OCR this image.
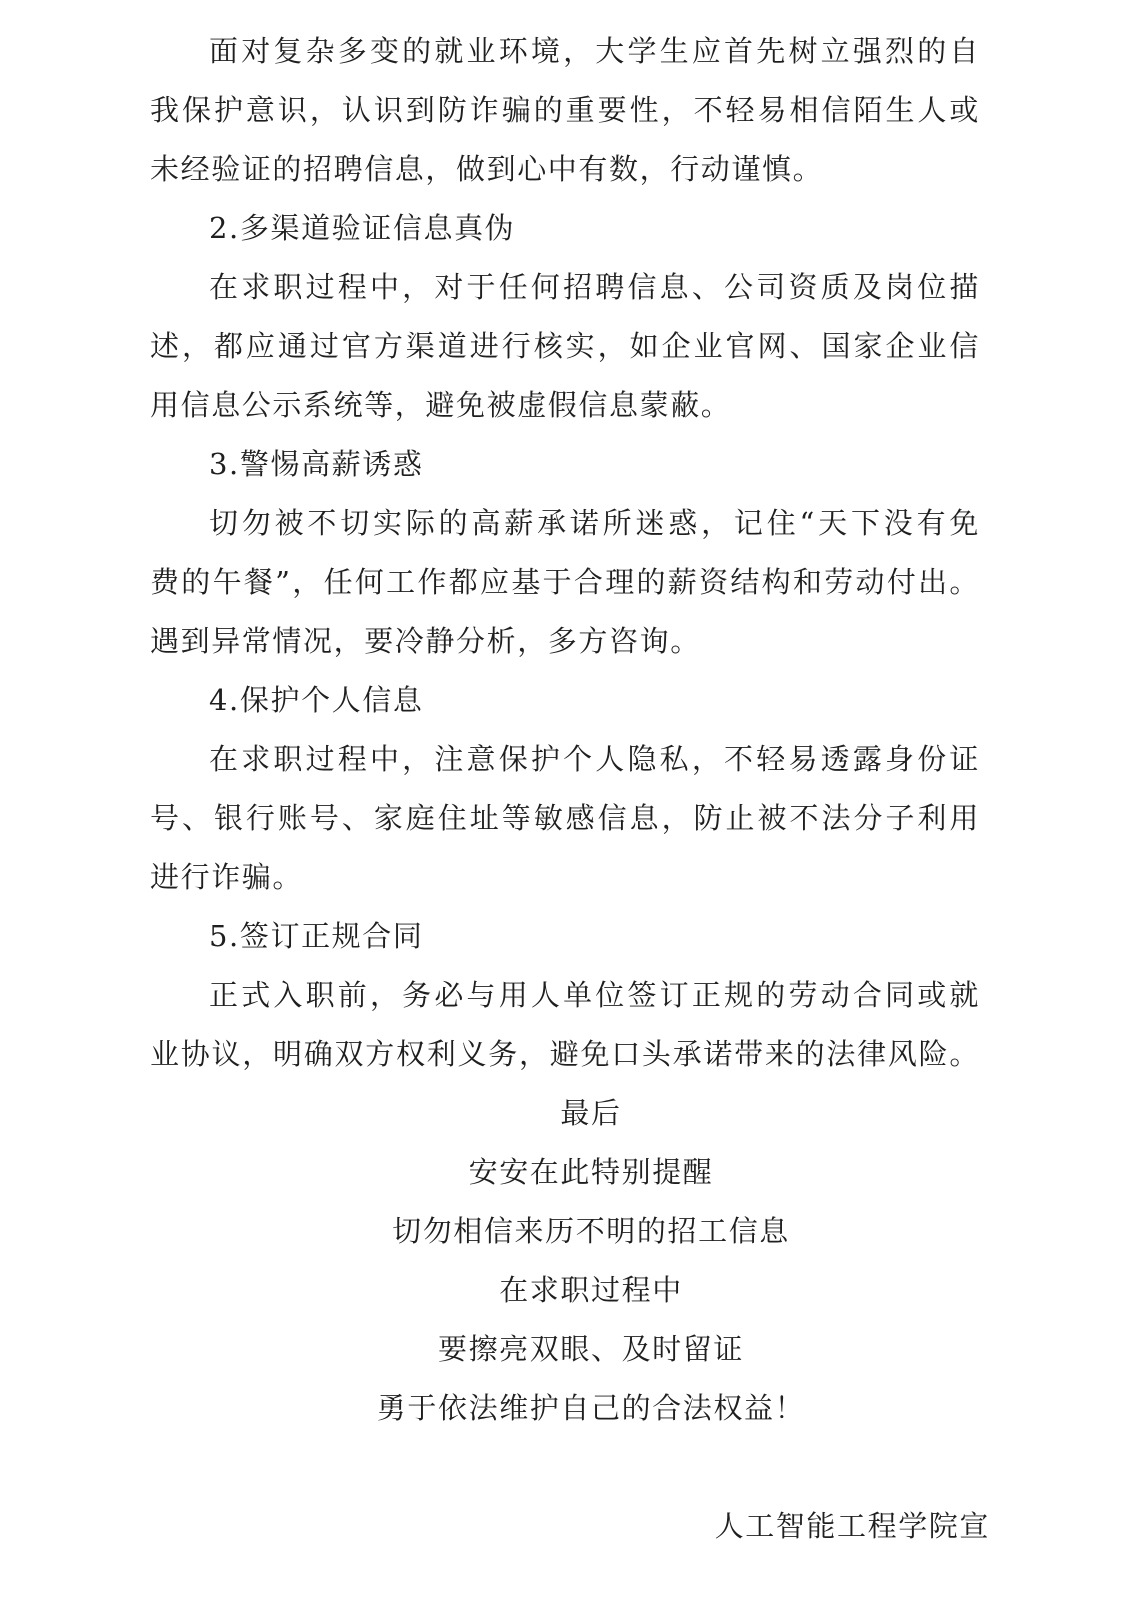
面对复杂多变的就业环境，大学生应首先树立强烈的自
我保护意识，认识到防诈骗的重要性，不轻易相信陌生人或
未经验证的招聘信息，做到心中有数，行动谨慎。
2.多渠道验证信息真伪
在求职过程中，对于任何招聘信息、公司资质及岗位描
述，都应通过官方渠道进行核实，如企业官网、国家企业信
用信息公示系统等，避免被虚假信息蒙蔽。
3.警惕高薪诱惑
切勿被不切实际的高薪承诺所迷惑，记住“天下没有免
费的午餐”，任何工作都应基于合理的薪资结构和劳动付出。
遇到异常情况，要冷静分析，多方咨询。
4.保护个人信息
在求职过程中，注意保护个人隐私，不轻易透露身份证
号、银行账号、家庭住址等敏感信息，防止被不法分子利用
进行诈骗。
5.签订正规合同
正式入职前，务必与用人单位签订正规的劳动合同或就
业协议，明确双方权利义务，避免口头承诺带来的法律风险。
最后
安安在此特别提醒
切勿相信来历不明的招工信息
在求职过程中
要擦亮双眼、及时留证
勇于依法维护自己的合法权益！
人工智能工程学院宣
